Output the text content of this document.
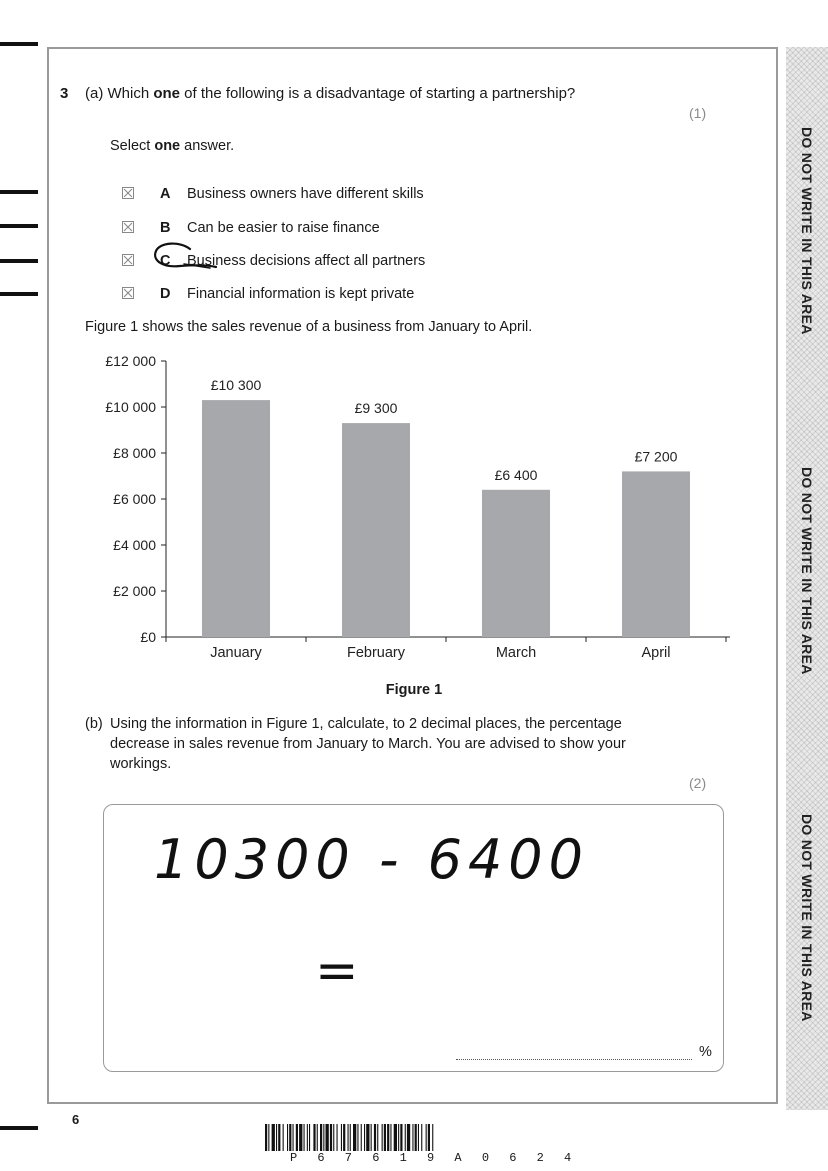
DO NOT WRITE IN THIS AREA
DO NOT WRITE IN THIS AREA
DO NOT WRITE IN THIS AREA
3 (a) Which one of the following is a disadvantage of starting a partnership?
(1)
Select one answer.
A Business owners have different skills
B Can be easier to raise finance
C Business decisions affect all partners
D Financial information is kept private
Figure 1 shows the sales revenue of a business from January to April.
£0
£2 000
£4 000
£6 000
£8 000
£10 000
£12 000
£10 300
January
£9 300
February
£6 400
March
£7 200
April
Figure 1
(b) Using the information in Figure 1, calculate, to 2 decimal places, the percentage decrease in sales revenue from January to March. You are advised to show your workings.
(2)
10300 - 6400
=
%
6
P 6 7 6 1 9 A 0 6 2 4
